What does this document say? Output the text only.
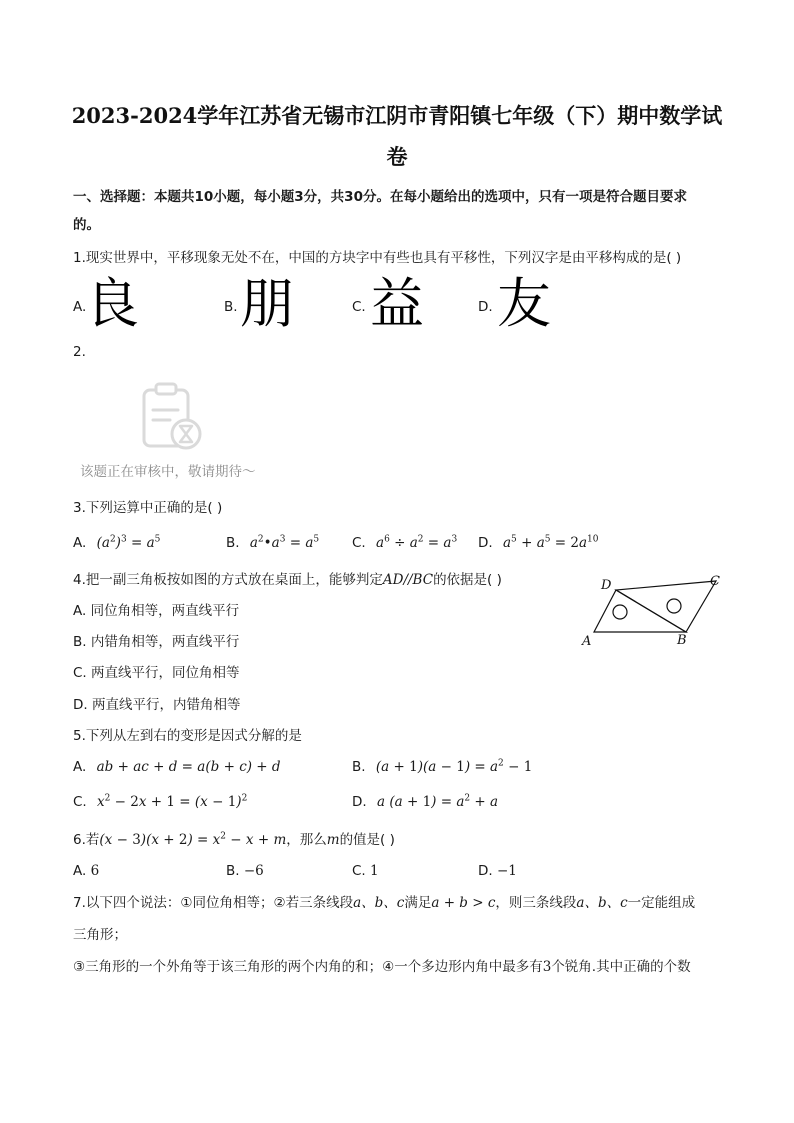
2023-2024学年江苏省无锡市江阴市青阳镇七年级（下）期中数学试
卷
一、选择题：本题共10小题，每小题3分，共30分。在每小题给出的选项中，只有一项是符合题目要求
的。
1.现实世界中，平移现象无处不在，中国的方块字中有些也具有平移性，下列汉字是由平移构成的是( )
A.
良	B. 朋	C. 益	D. 友
2.
该题正在审核中，敬请期待～
3.下列运算中正确的是( )
A. $(a^2)^3 = a^5$	B. $a^2•a^3 = a^5$ C. $a^6 \div a^2 = a^3$ D. $a^5 + a^5 = 2a^{10}$
4.把一副三角板按如图的方式放在桌面上，能够判定AD//BC的依据是( )
A. 同位角相等，两直线平行
B. 内错角相等，两直线平行
C. 两直线平行，同位角相等
D. 两直线平行，内错角相等
A	B
C
D
5.下列从左到右的变形是因式分解的是
A. ab + ac + d = a(b + c) + d	B. $(a + 1)(a - 1) = a^2 - 1$
C. $x^2 - 2x + 1 = (x - 1)^2$	D. a $(a + 1) = a^2 + a$
6.若$(x - 3)(x + 2) = x^2 - x + m$，那么m的值是( )
A. 6	B. −6	C. 1	D. −1
7.以下四个说法：①同位角相等；②若三条线段a、b、c满足a + b > c，则三条线段a、b、c一定能组成
三角形；
③三角形的一个外角等于该三角形的两个内角的和；④一个多边形内角中最多有3个锐角.其中正确的个数
